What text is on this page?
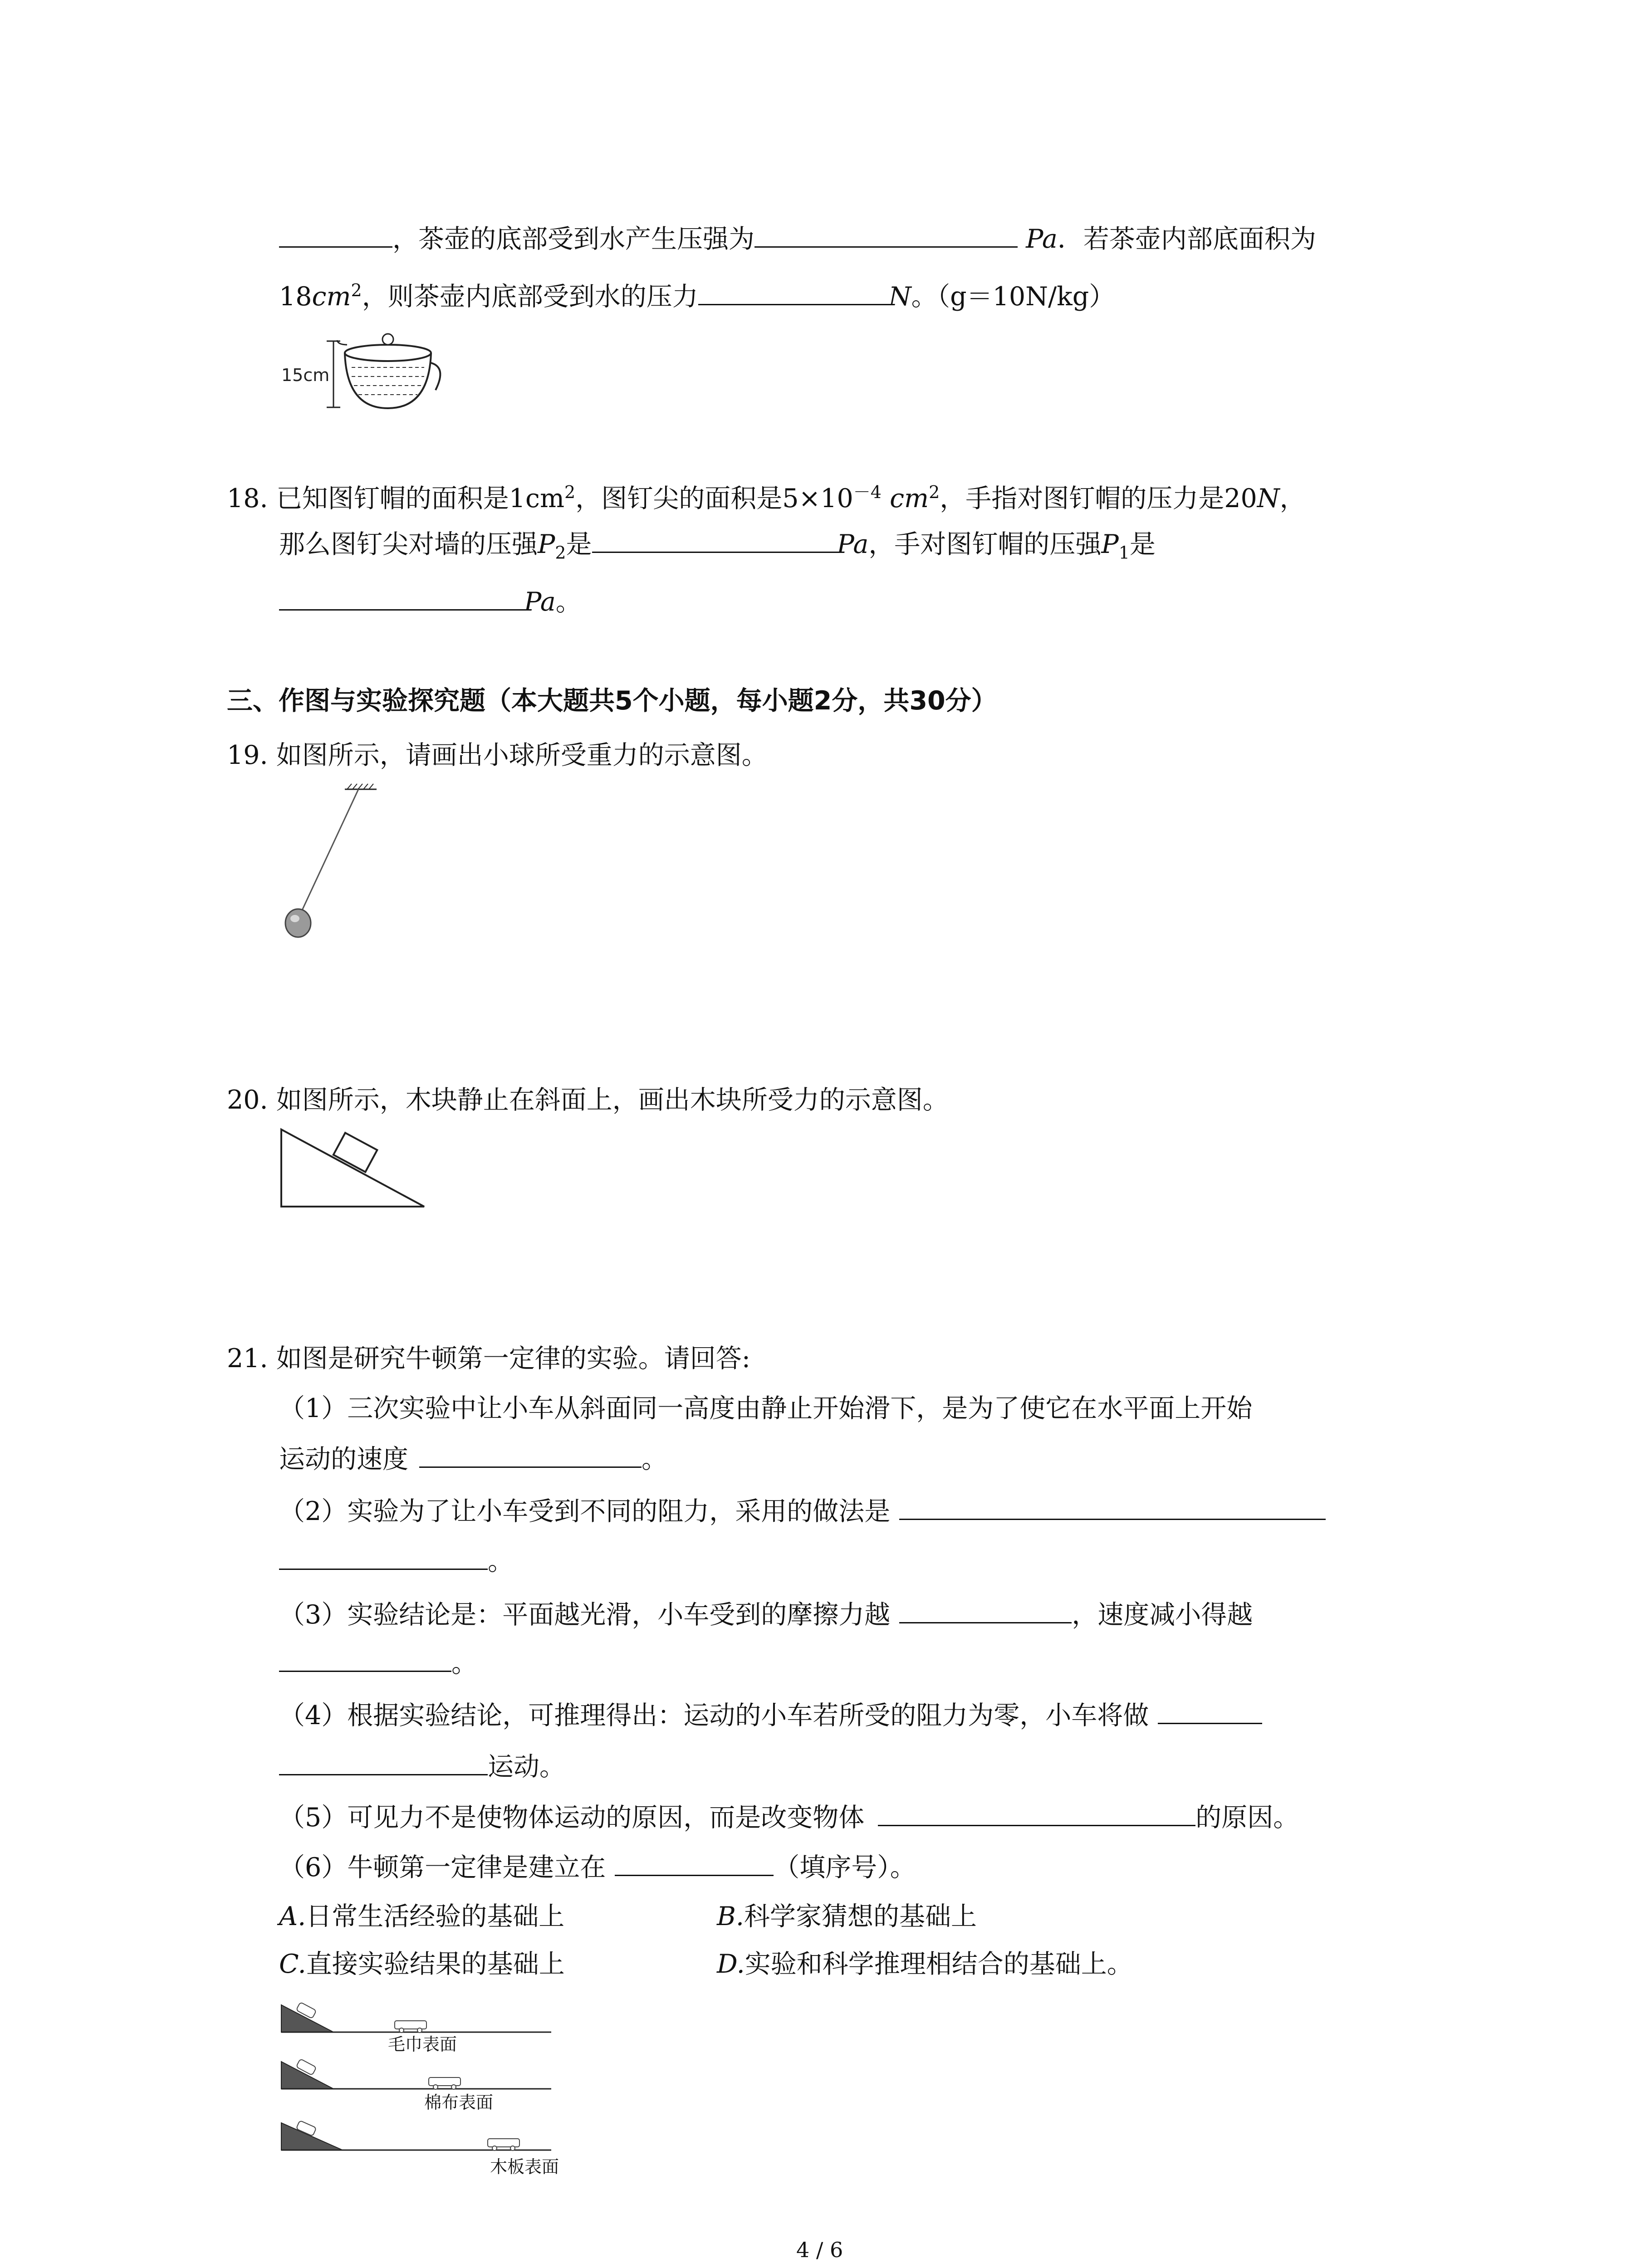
，茶壶的底部受到水产生压强为	Pa．若茶壶内部底面积为
$18cm^2$，则茶壶内底部受到水的压力	N。（g＝10N/kg）
15cm
18. 已知图钉帽的面积是$1cm^2$，图钉尖的面积是$5\times 10^{-4}$ $cm^2$，手指对图钉帽的压力是20N，
那么图钉尖对墙的压强$P_2$是	Pa，手对图钉帽的压强$P_1$是
Pa。
三、作图与实验探究题（本大题共5个小题，每小题2分，共30分）
19. 如图所示，请画出小球所受重力的示意图。
20. 如图所示，木块静止在斜面上，画出木块所受力的示意图。
21. 如图是研究牛顿第一定律的实验。请回答:
（1）三次实验中让小车从斜面同一高度由静止开始滑下，是为了使它在水平面上开始
运动的速度	。
（2）实验为了让小车受到不同的阻力，采用的做法是
。
（3）实验结论是：平面越光滑，小车受到的摩擦力越	，速度减小得越
。
（4）根据实验结论，可推理得出：运动的小车若所受的阻力为零，小车将做
运动。
（5）可见力不是使物体运动的原因，而是改变物体	的原因。
（6）牛顿第一定律是建立在	（填序号）。
A.日常生活经验的基础上	B.科学家猜想的基础上
C.直接实验结果的基础上	D.实验和科学推理相结合的基础上。
毛巾表面
棉布表面
木板表面
4 / 6
